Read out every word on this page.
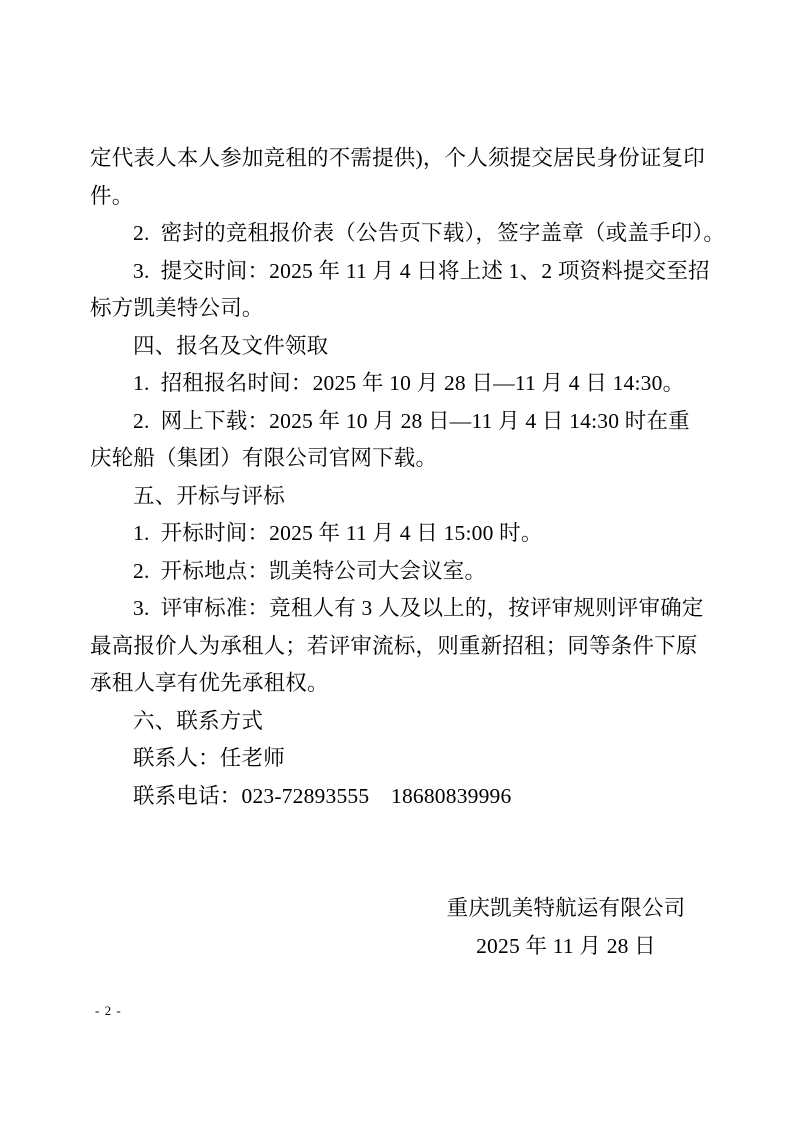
定代表人本人参加竞租的不需提供)，个人须提交居民身份证复印
件。
2.  密封的竞租报价表（公告页下载），签字盖章（或盖手印）。
3.  提交时间：2025 年 11 月 4 日将上述 1、2 项资料提交至招
标方凯美特公司。
四、报名及文件领取
1.  招租报名时间：2025 年 10 月 28 日—11 月 4 日 14:30。
2.  网上下载：2025 年 10 月 28 日—11 月 4 日 14:30 时在重
庆轮船（集团）有限公司官网下载。
五、开标与评标
1.  开标时间：2025 年 11 月 4 日 15:00 时。
2.  开标地点：凯美特公司大会议室。
3.  评审标准：竞租人有 3 人及以上的，按评审规则评审确定
最高报价人为承租人；若评审流标，则重新招租；同等条件下原
承租人享有优先承租权。
六、联系方式
联系人：任老师
联系电话：023-72893555　18680839996
重庆凯美特航运有限公司
2025 年 11 月 28 日
- 2 -
